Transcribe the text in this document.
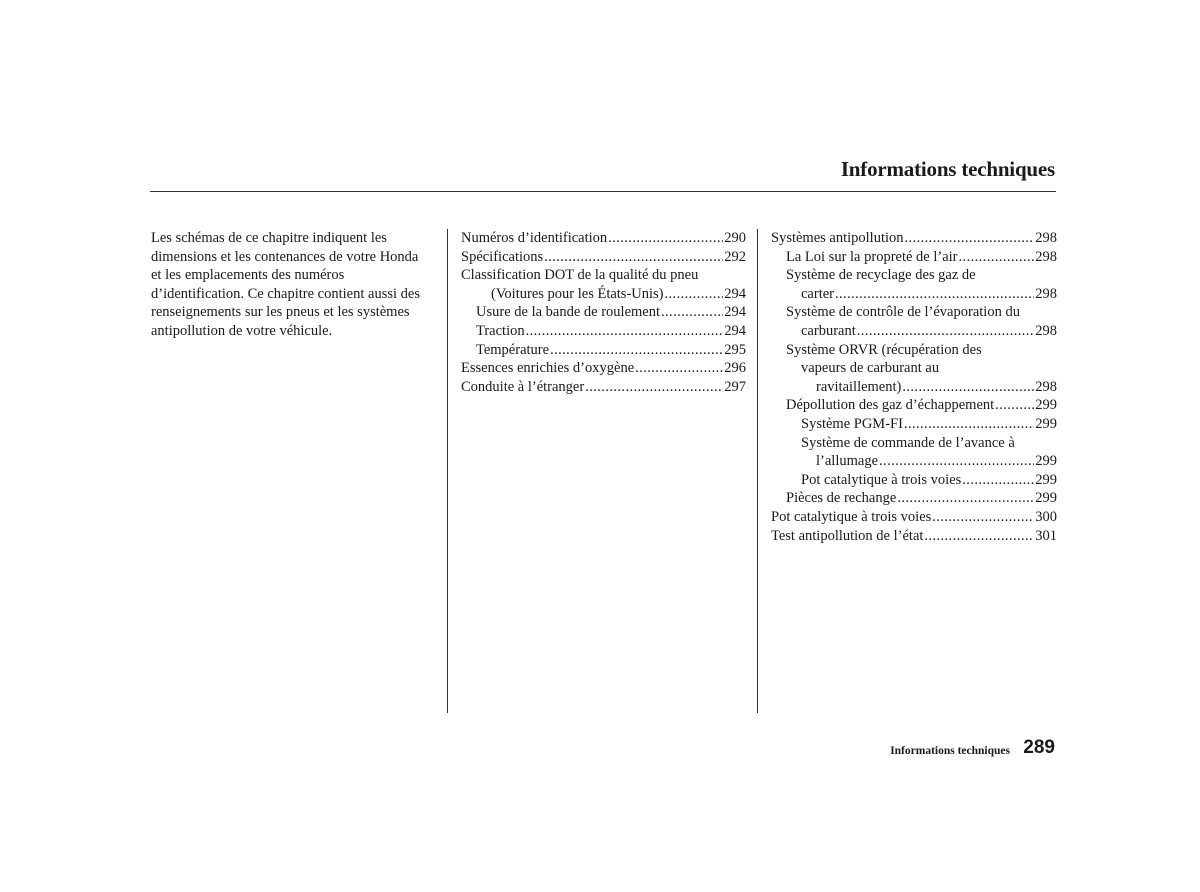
Informations techniques

Les schémas de ce chapitre indiquent les dimensions et les contenances de votre Honda et les emplacements des numéros d’identification. Ce chapitre contient aussi des renseignements sur les pneus et les systèmes antipollution de votre véhicule.

Numéros d’identification .....	290
Spécifications .....	292
Classification DOT de la qualité du pneu
(Voitures pour les États-Unis) .....	294
Usure de la bande de roulement .....	294
Traction .....	294
Température .....	295
Essences enrichies d’oxygène .....	296
Conduite à l’étranger .....	297
Systèmes antipollution .....	298
La Loi sur la propreté de l’air .....	298
Système de recyclage des gaz de
carter .....	298
Système de contrôle de l’évaporation du
carburant .....	298
Système ORVR (récupération des
vapeurs de carburant au
ravitaillement) .....	298
Dépollution des gaz d’échappement .....	299
Système PGM-FI .....	299
Système de commande de l’avance à
l’allumage .....	299
Pot catalytique à trois voies .....	299
Pièces de rechange .....	299
Pot catalytique à trois voies .....	300
Test antipollution de l’état .....	301
Informations techniques 289
